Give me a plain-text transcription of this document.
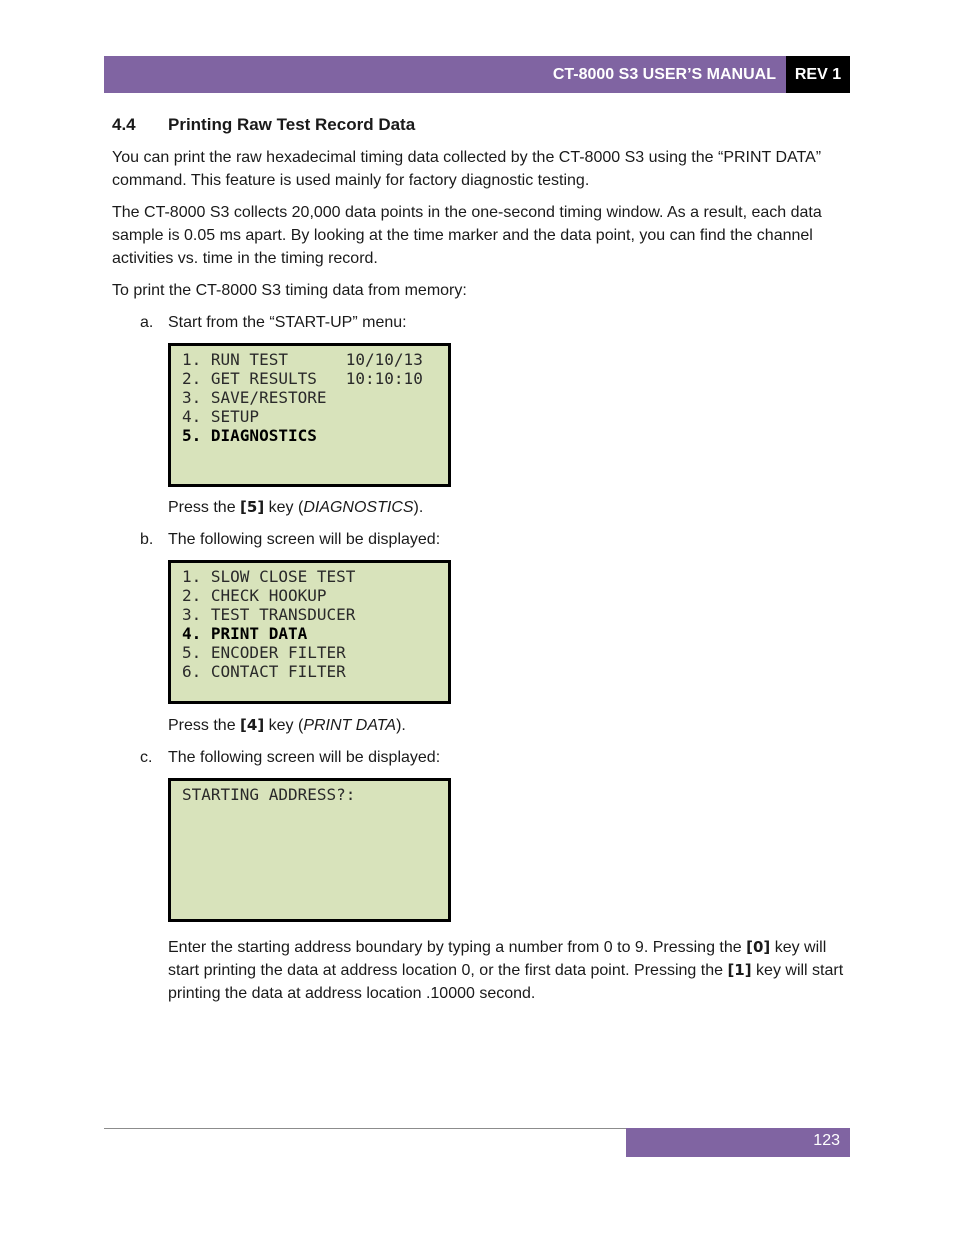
CT-8000 S3 USER’S MANUAL	REV 1
4.4 Printing Raw Test Record Data

You can print the raw hexadecimal timing data collected by the CT-8000 S3 using the “PRINT DATA” command. This feature is used mainly for factory diagnostic testing.

The CT-8000 S3 collects 20,000 data points in the one-second timing window. As a result, each data sample is 0.05 ms apart. By looking at the time marker and the data point, you can find the channel activities vs. time in the timing record.

To print the CT-8000 S3 timing data from memory:

a. Start from the “START-UP” menu:

1. RUN TEST      10/10/13
2. GET RESULTS   10:10:10
3. SAVE/RESTORE
4. SETUP
5. DIAGNOSTICS

Press the [5] key (DIAGNOSTICS).

b. The following screen will be displayed:

1. SLOW CLOSE TEST
2. CHECK HOOKUP
3. TEST TRANSDUCER
4. PRINT DATA
5. ENCODER FILTER
6. CONTACT FILTER

Press the [4] key (PRINT DATA).

c. The following screen will be displayed:

STARTING ADDRESS?:

Enter the starting address boundary by typing a number from 0 to 9. Pressing the [0] key will start printing the data at address location 0, or the first data point. Pressing the [1] key will start printing the data at address location .10000 second.

123
